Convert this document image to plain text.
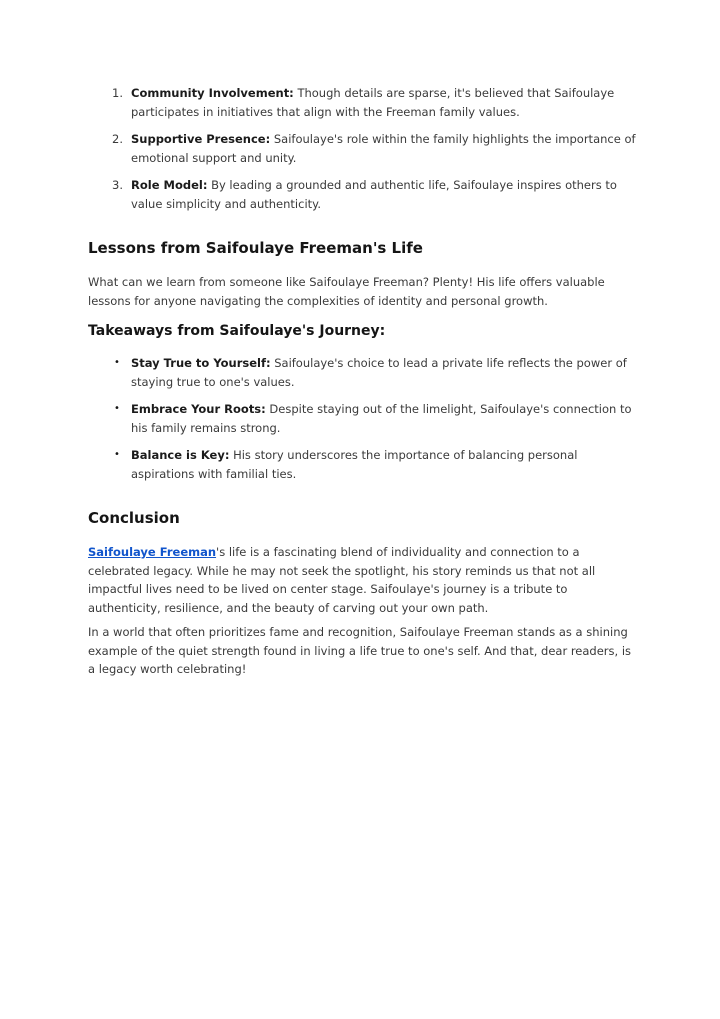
1. Community Involvement: Though details are sparse, it's believed that Saifoulaye participates in initiatives that align with the Freeman family values.
2. Supportive Presence: Saifoulaye's role within the family highlights the importance of emotional support and unity.
3. Role Model: By leading a grounded and authentic life, Saifoulaye inspires others to value simplicity and authenticity.
Lessons from Saifoulaye Freeman's Life

What can we learn from someone like Saifoulaye Freeman? Plenty! His life offers valuable lessons for anyone navigating the complexities of identity and personal growth.

Takeaways from Saifoulaye's Journey:
• Stay True to Yourself: Saifoulaye's choice to lead a private life reflects the power of staying true to one's values.
• Embrace Your Roots: Despite staying out of the limelight, Saifoulaye's connection to his family remains strong.
• Balance is Key: His story underscores the importance of balancing personal aspirations with familial ties.
Conclusion

Saifoulaye Freeman's life is a fascinating blend of individuality and connection to a celebrated legacy. While he may not seek the spotlight, his story reminds us that not all impactful lives need to be lived on center stage. Saifoulaye's journey is a tribute to authenticity, resilience, and the beauty of carving out your own path.

In a world that often prioritizes fame and recognition, Saifoulaye Freeman stands as a shining example of the quiet strength found in living a life true to one's self. And that, dear readers, is a legacy worth celebrating!
